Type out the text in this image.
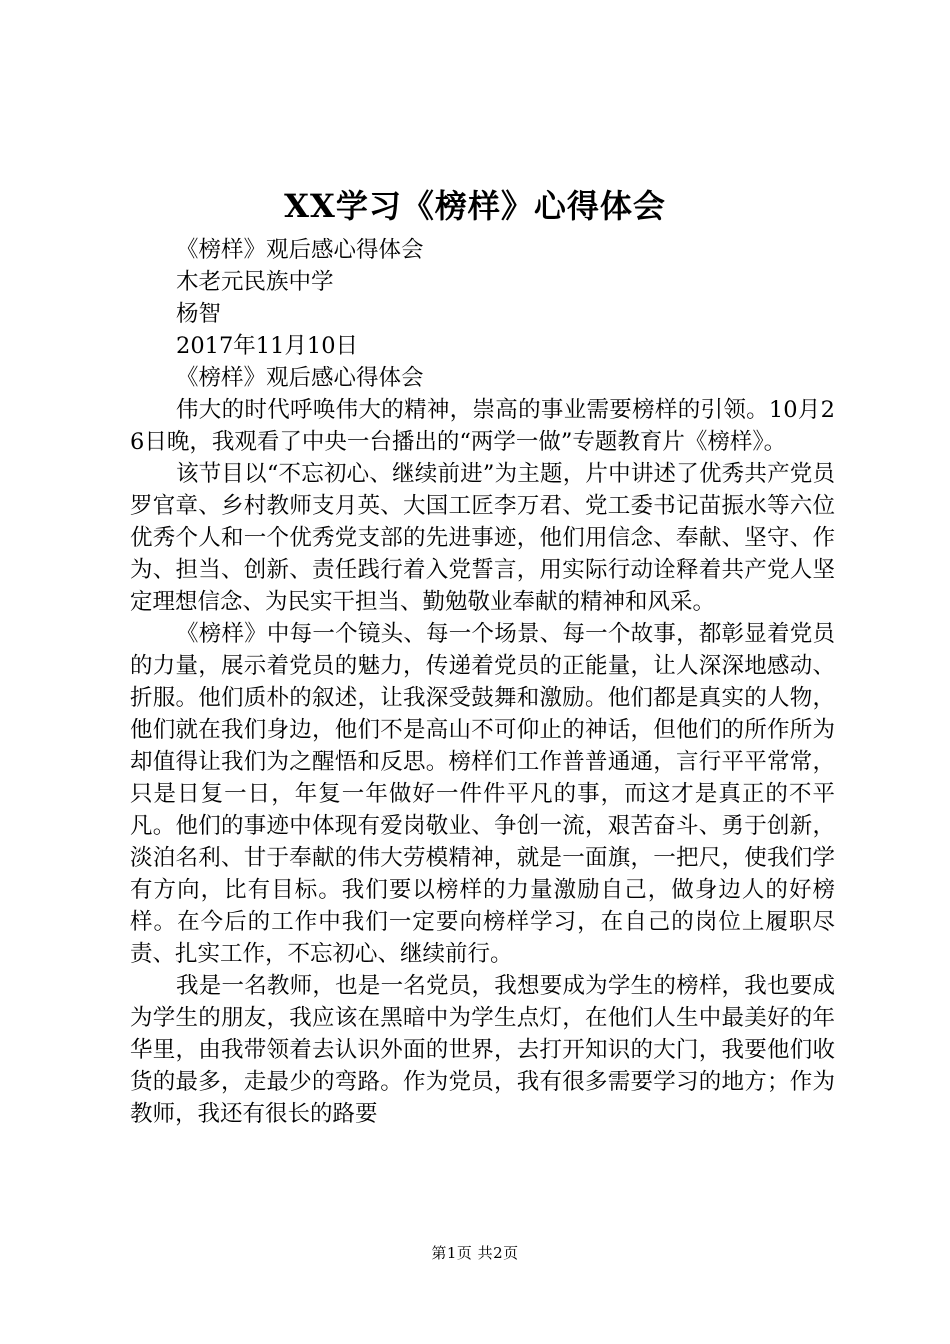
XX学习《榜样》心得体会

《榜样》观后感心得体会

木老元民族中学

杨智

2017年11月10日

《榜样》观后感心得体会

伟大的时代呼唤伟大的精神，崇高的事业需要榜样的引领。10月26日晚，我观看了中央一台播出的“两学一做”专题教育片《榜样》。

该节目以“不忘初心、继续前进”为主题，片中讲述了优秀共产党员罗官章、乡村教师支月英、大国工匠李万君、党工委书记苗振水等六位优秀个人和一个优秀党支部的先进事迹，他们用信念、奉献、坚守、作为、担当、创新、责任践行着入党誓言，用实际行动诠释着共产党人坚定理想信念、为民实干担当、勤勉敬业奉献的精神和风采。

《榜样》中每一个镜头、每一个场景、每一个故事，都彰显着党员的力量，展示着党员的魅力，传递着党员的正能量，让人深深地感动、折服。他们质朴的叙述，让我深受鼓舞和激励。他们都是真实的人物，他们就在我们身边，他们不是高山不可仰止的神话，但他们的所作所为却值得让我们为之醒悟和反思。榜样们工作普普通通，言行平平常常，只是日复一日，年复一年做好一件件平凡的事，而这才是真正的不平凡。他们的事迹中体现有爱岗敬业、争创一流，艰苦奋斗、勇于创新，淡泊名利、甘于奉献的伟大劳模精神，就是一面旗，一把尺，使我们学有方向，比有目标。我们要以榜样的力量激励自己，做身边人的好榜样。在今后的工作中我们一定要向榜样学习，在自己的岗位上履职尽责、扎实工作，不忘初心、继续前行。

我是一名教师，也是一名党员，我想要成为学生的榜样，我也要成为学生的朋友，我应该在黑暗中为学生点灯，在他们人生中最美好的年华里，由我带领着去认识外面的世界，去打开知识的大门，我要他们收货的最多，走最少的弯路。作为党员，我有很多需要学习的地方；作为教师，我还有很长的路要

第1页 共2页
